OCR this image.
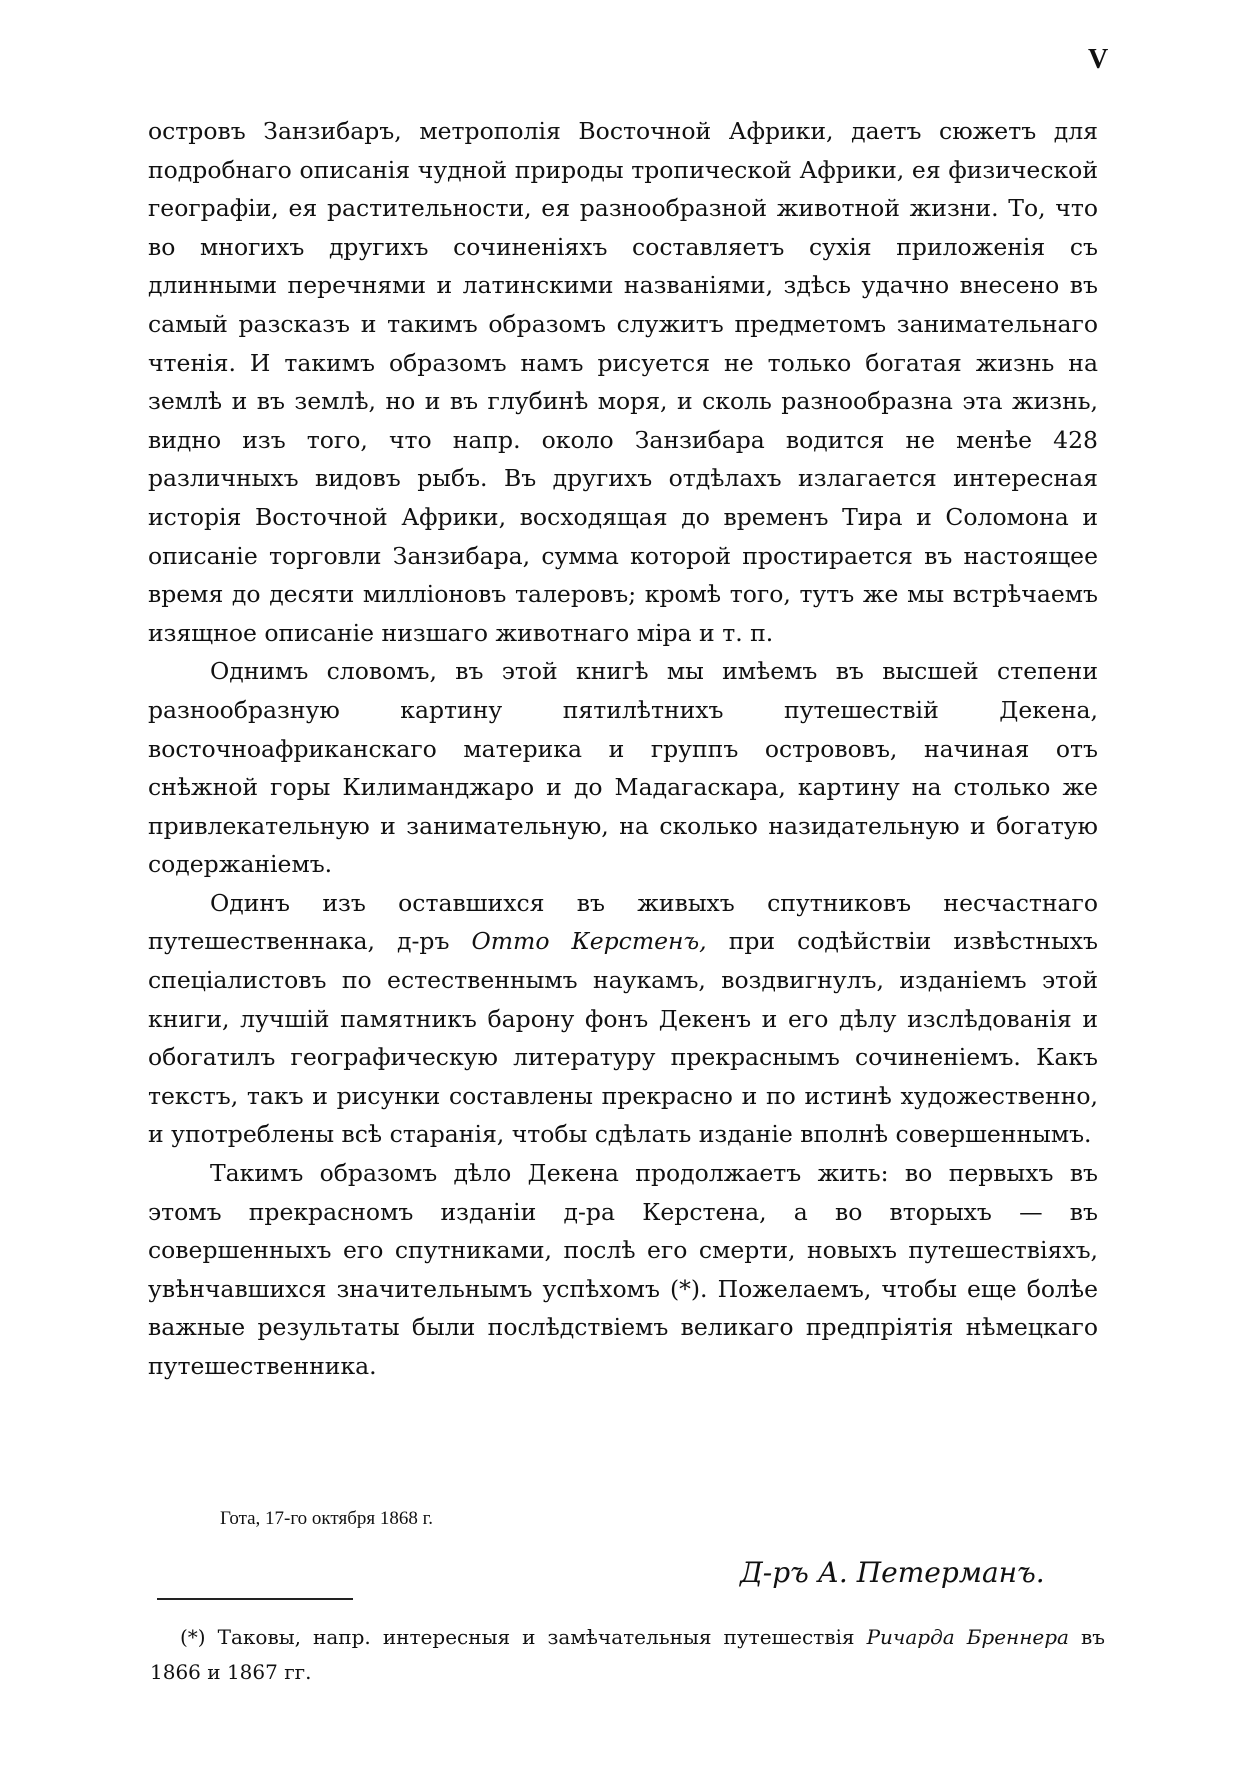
V

островъ Занзибаръ, метрополія Восточной Африки, даетъ сюжетъ для подробнаго описанія чудной природы тропической Африки, ея физической географіи, ея растительности, ея разнообразной животной жизни. То, что во многихъ другихъ сочиненіяхъ составляетъ сухія приложенія съ длинными перечнями и латинскими названіями, здѣсь удачно внесено въ самый разсказъ и такимъ образомъ служитъ предметомъ занимательнаго чтенія. И такимъ образомъ намъ рисуется не только богатая жизнь на землѣ и въ землѣ, но и въ глубинѣ моря, и сколь разнообразна эта жизнь, видно изъ того, что напр. около Занзибара водится не менѣе 428 различныхъ видовъ рыбъ. Въ другихъ отдѣлахъ излагается интересная исторія Восточной Африки, восходящая до временъ Тира и Соломона и описаніе торговли Занзибара, сумма которой простирается въ настоящее время до десяти милліоновъ талеровъ; кромѣ того, тутъ же мы встрѣчаемъ изящное описаніе низшаго животнаго міра и т. п.

Однимъ словомъ, въ этой книгѣ мы имѣемъ въ высшей степени разнообразную картину пятилѣтнихъ путешествій Декена, восточноафриканскаго материка и группъ острововъ, начиная отъ снѣжной горы Килиманджаро и до Мадагаскара, картину на столько же привлекательную и занимательную, на сколько назидательную и богатую содержаніемъ.

Одинъ изъ оставшихся въ живыхъ спутниковъ несчастнаго путешественнака, д-ръ Отто Керстенъ, при содѣйствіи извѣстныхъ спеціалистовъ по естественнымъ наукамъ, воздвигнулъ, изданіемъ этой книги, лучшій памятникъ барону фонъ Декенъ и его дѣлу изслѣдованія и обогатилъ географическую литературу прекраснымъ сочиненіемъ. Какъ текстъ, такъ и рисунки составлены прекрасно и по истинѣ художественно, и употреблены всѣ старанія, чтобы сдѣлать изданіе вполнѣ совершеннымъ.

Такимъ образомъ дѣло Декена продолжаетъ жить: во первыхъ въ этомъ прекрасномъ изданіи д-ра Керстена, а во вторыхъ — въ совершенныхъ его спутниками, послѣ его смерти, новыхъ путешествіяхъ, увѣнчавшихся значительнымъ успѣхомъ (*). Пожелаемъ, чтобы еще болѣе важные результаты были послѣдствіемъ великаго предпріятія нѣмецкаго путешественника.

Гота, 17-го октября 1868 г.
Д-ръ А. Петерманъ.
(*) Таковы, напр. интересныя и замѣчательныя путешествія Ричарда Бреннера въ 1866 и 1867 гг.
